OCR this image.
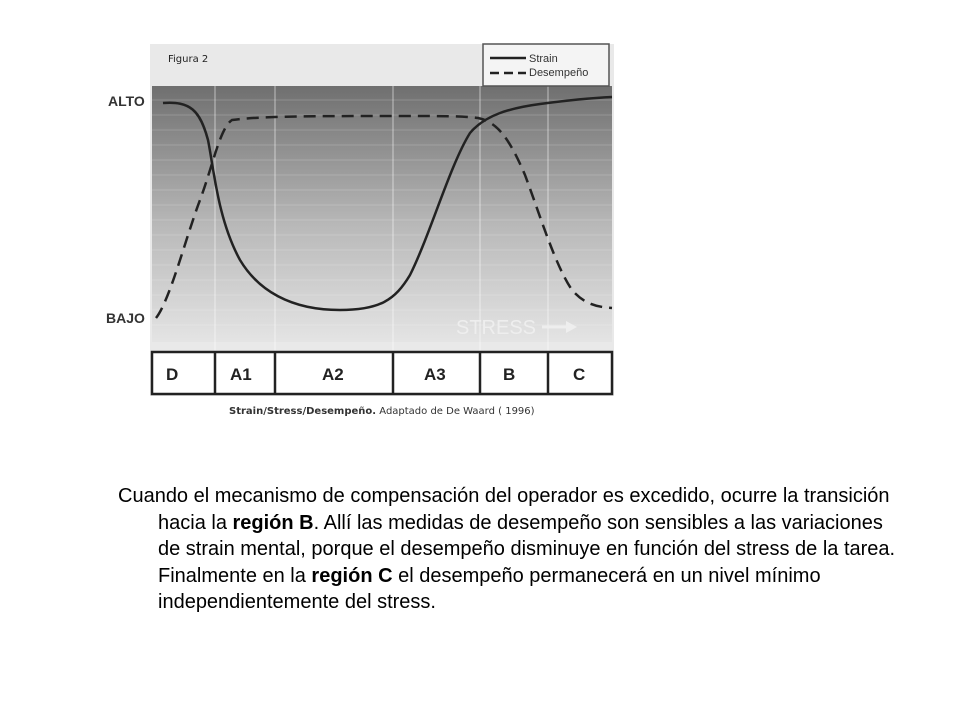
Figura 2	Strain
Desempeño
ALTO
BAJO	STRESS
D	A1	A2	A3	B	C
Strain/Stress/Desempeño. Adaptado de De Waard ( 1996)

Cuando el mecanismo de compensación del operador es excedido, ocurre la transición hacia la región B. Allí las medidas de desempeño son sensibles a las variaciones de strain mental, porque el desempeño disminuye en función del stress de la tarea. Finalmente en la región C el desempeño permanecerá en un nivel mínimo independientemente del stress.
